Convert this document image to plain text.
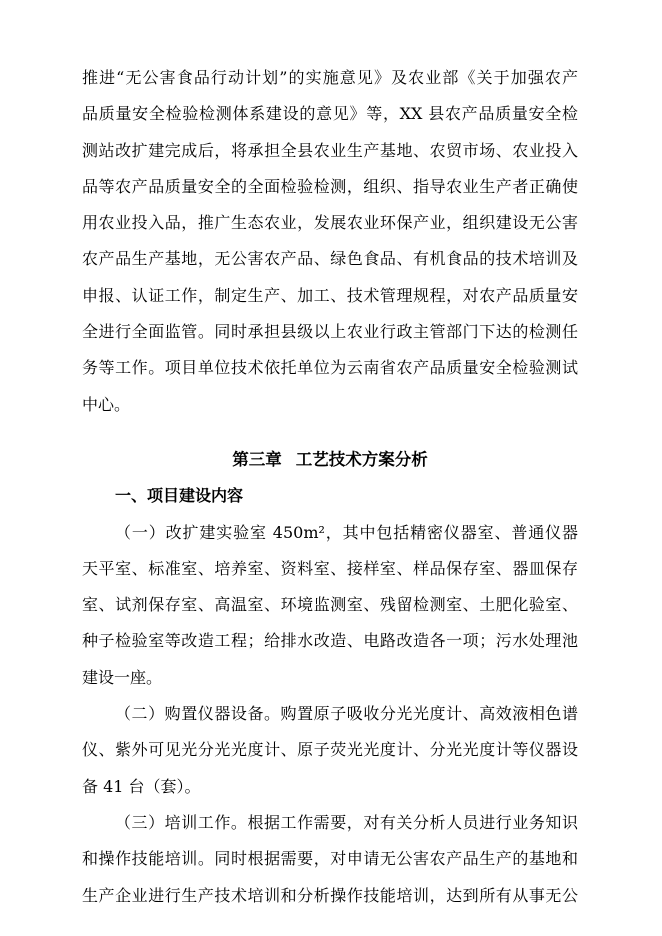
推进“无公害食品行动计划”的实施意见》及农业部《关于加强农产
品质量安全检验检测体系建设的意见》等，XX 县农产品质量安全检
测站改扩建完成后，将承担全县农业生产基地、农贸市场、农业投入
品等农产品质量安全的全面检验检测，组织、指导农业生产者正确使
用农业投入品，推广生态农业，发展农业环保产业，组织建设无公害
农产品生产基地，无公害农产品、绿色食品、有机食品的技术培训及
申报、认证工作，制定生产、加工、技术管理规程，对农产品质量安
全进行全面监管。同时承担县级以上农业行政主管部门下达的检测任
务等工作。项目单位技术依托单位为云南省农产品质量安全检验测试
中心。
第三章 工艺技术方案分析
一、项目建设内容
（一）改扩建实验室 450m²，其中包括精密仪器室、普通仪器
天平室、标准室、培养室、资料室、接样室、样品保存室、器皿保存
室、试剂保存室、高温室、环境监测室、残留检测室、土肥化验室、
种子检验室等改造工程；给排水改造、电路改造各一项；污水处理池
建设一座。
（二）购置仪器设备。购置原子吸收分光光度计、高效液相色谱
仪、紫外可见光分光光度计、原子荧光光度计、分光光度计等仪器设
备 41 台（套）。
（三）培训工作。根据工作需要，对有关分析人员进行业务知识
和操作技能培训。同时根据需要，对申请无公害农产品生产的基地和
生产企业进行生产技术培训和分析操作技能培训，达到所有从事无公
